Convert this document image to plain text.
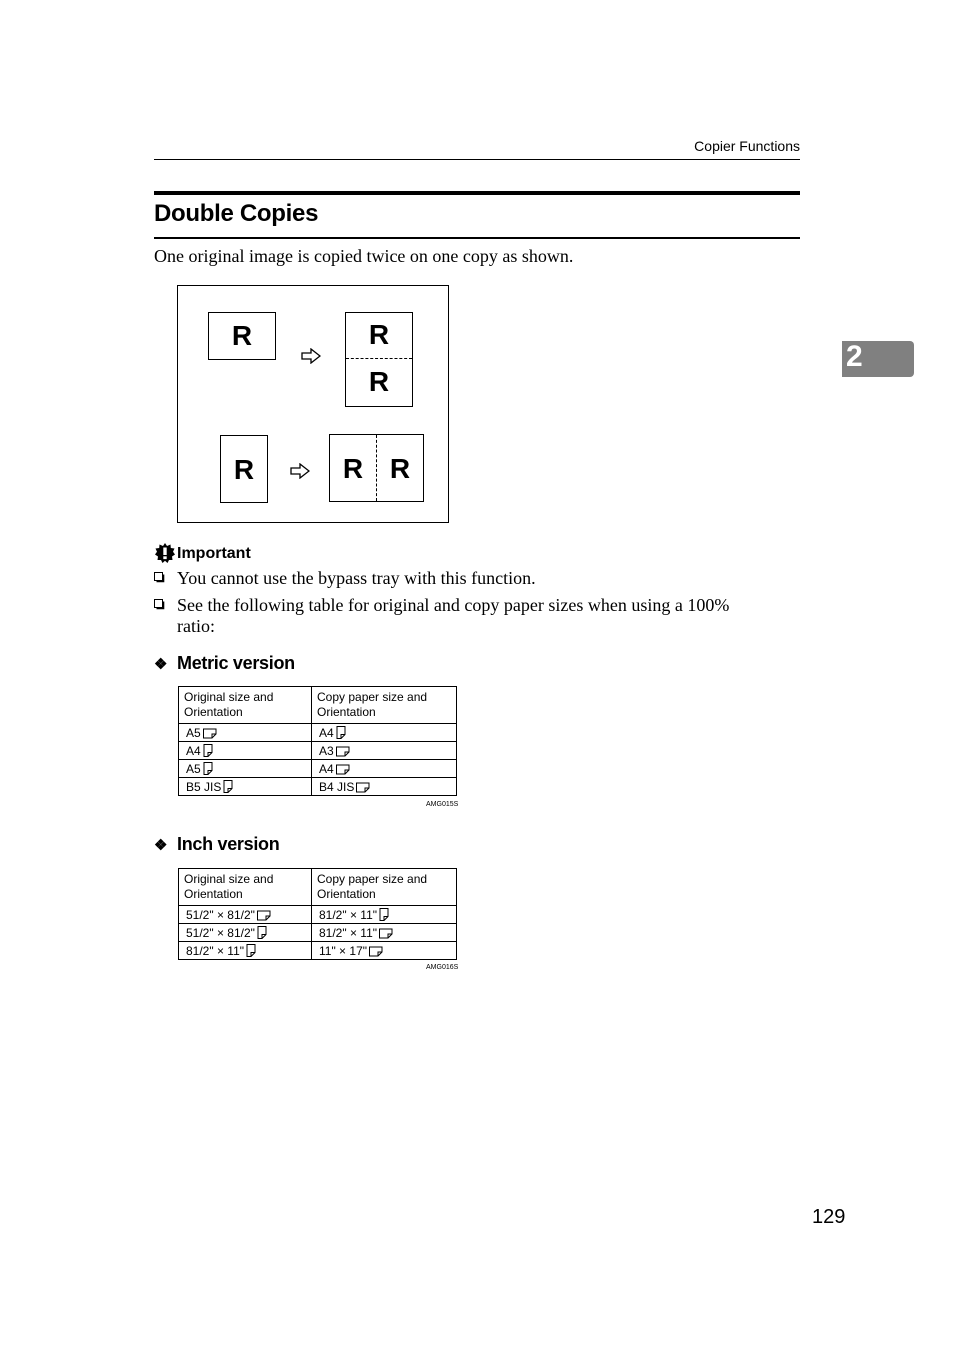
Copier Functions
Double Copies
One original image is copied twice on one copy as shown.
R	R
R
R	R R
2
Important
You cannot use the bypass tray with this function.
See the following table for original and copy paper sizes when using a 100%
ratio:
❖ Metric version
Original size and Orientation	Copy paper size and Orientation
A5	A4
A4	A3
A5	A4
B5 JIS	B4 JIS
AMG015S
❖ Inch version
Original size and Orientation	Copy paper size and Orientation
51/2" × 81/2"	81/2" × 11"
51/2" × 81/2"	81/2" × 11"
81/2" × 11"	11" × 17"
AMG016S
129
